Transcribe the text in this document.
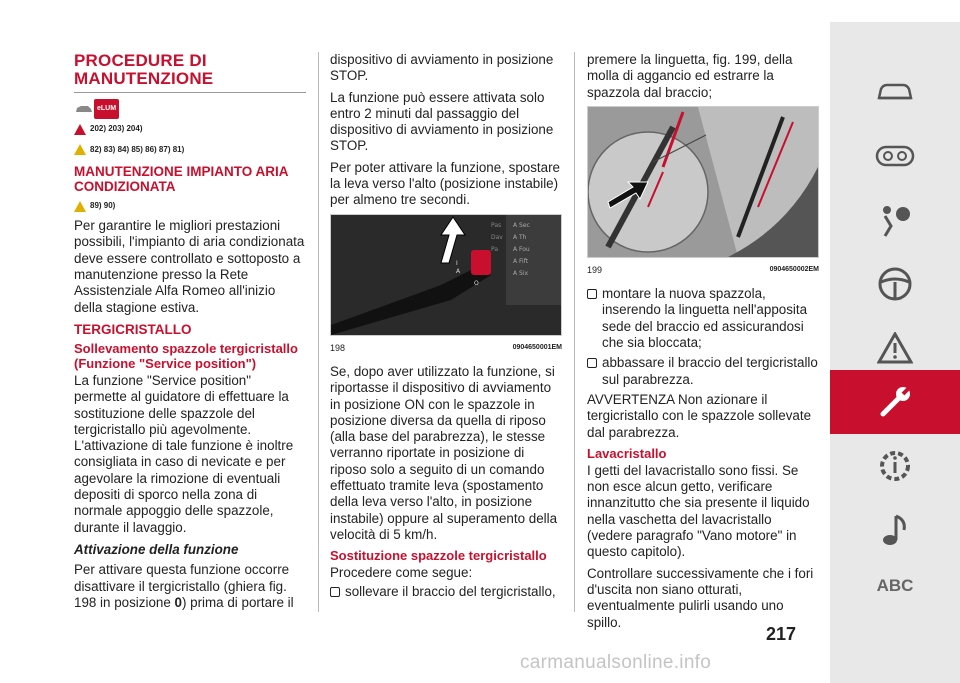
PROCEDURE DI MANUTENZIONE
eLUM
202) 203) 204)
82) 83) 84) 85) 86) 87) 81)
MANUTENZIONE IMPIANTO ARIA CONDIZIONATA
89) 90)

Per garantire le migliori prestazioni possibili, l'impianto di aria condizionata deve essere controllato e sottoposto a manutenzione presso la Rete Assistenziale Alfa Romeo all'inizio della stagione estiva.

TERGICRISTALLO
Sollevamento spazzole tergicristallo (Funzione "Service position")

La funzione "Service position" permette al guidatore di effettuare la sostituzione delle spazzole del tergicristallo più agevolmente. L'attivazione di tale funzione è inoltre consigliata in caso di nevicate e per agevolare la rimozione di eventuali depositi di sporco nella zona di normale appoggio delle spazzole, durante il lavaggio.

Attivazione della funzione

Per attivare questa funzione occorre disattivare il tergicristallo (ghiera fig. 198 in posizione 0) prima di portare il

dispositivo di avviamento in posizione STOP.

La funzione può essere attivata solo entro 2 minuti dal passaggio del dispositivo di avviamento in posizione STOP.

Per poter attivare la funzione, spostare la leva verso l'alto (posizione instabile) per almeno tre secondi.

A Sec
A Th
A Fou
A Fift
A Six
Pas
Dav
Pa
I
A
O
198	0904650001EM

Se, dopo aver utilizzato la funzione, si riportasse il dispositivo di avviamento in posizione ON con le spazzole in posizione diversa da quella di riposo (alla base del parabrezza), le stesse verranno riportate in posizione di riposo solo a seguito di un comando effettuato tramite leva (spostamento della leva verso l'alto, in posizione instabile) oppure al superamento della velocità di 5 km/h.

Sostituzione spazzole tergicristallo

Procedere come segue:

sollevare il braccio del tergicristallo,

premere la linguetta, fig. 199, della molla di aggancio ed estrarre la spazzola dal braccio;

199	0904650002EM
montare la nuova spazzola, inserendo la linguetta nell'apposita sede del braccio ed assicurandosi che sia bloccata;
abbassare il braccio del tergicristallo sul parabrezza.

AVVERTENZA Non azionare il tergicristallo con le spazzole sollevate dal parabrezza.

Lavacristallo

I getti del lavacristallo sono fissi. Se non esce alcun getto, verificare innanzitutto che sia presente il liquido nella vaschetta del lavacristallo (vedere paragrafo "Vano motore" in questo capitolo).

Controllare successivamente che i fori d'uscita non siano otturati, eventualmente pulirli usando uno spillo.

ABC
217
carmanualsonline.info
